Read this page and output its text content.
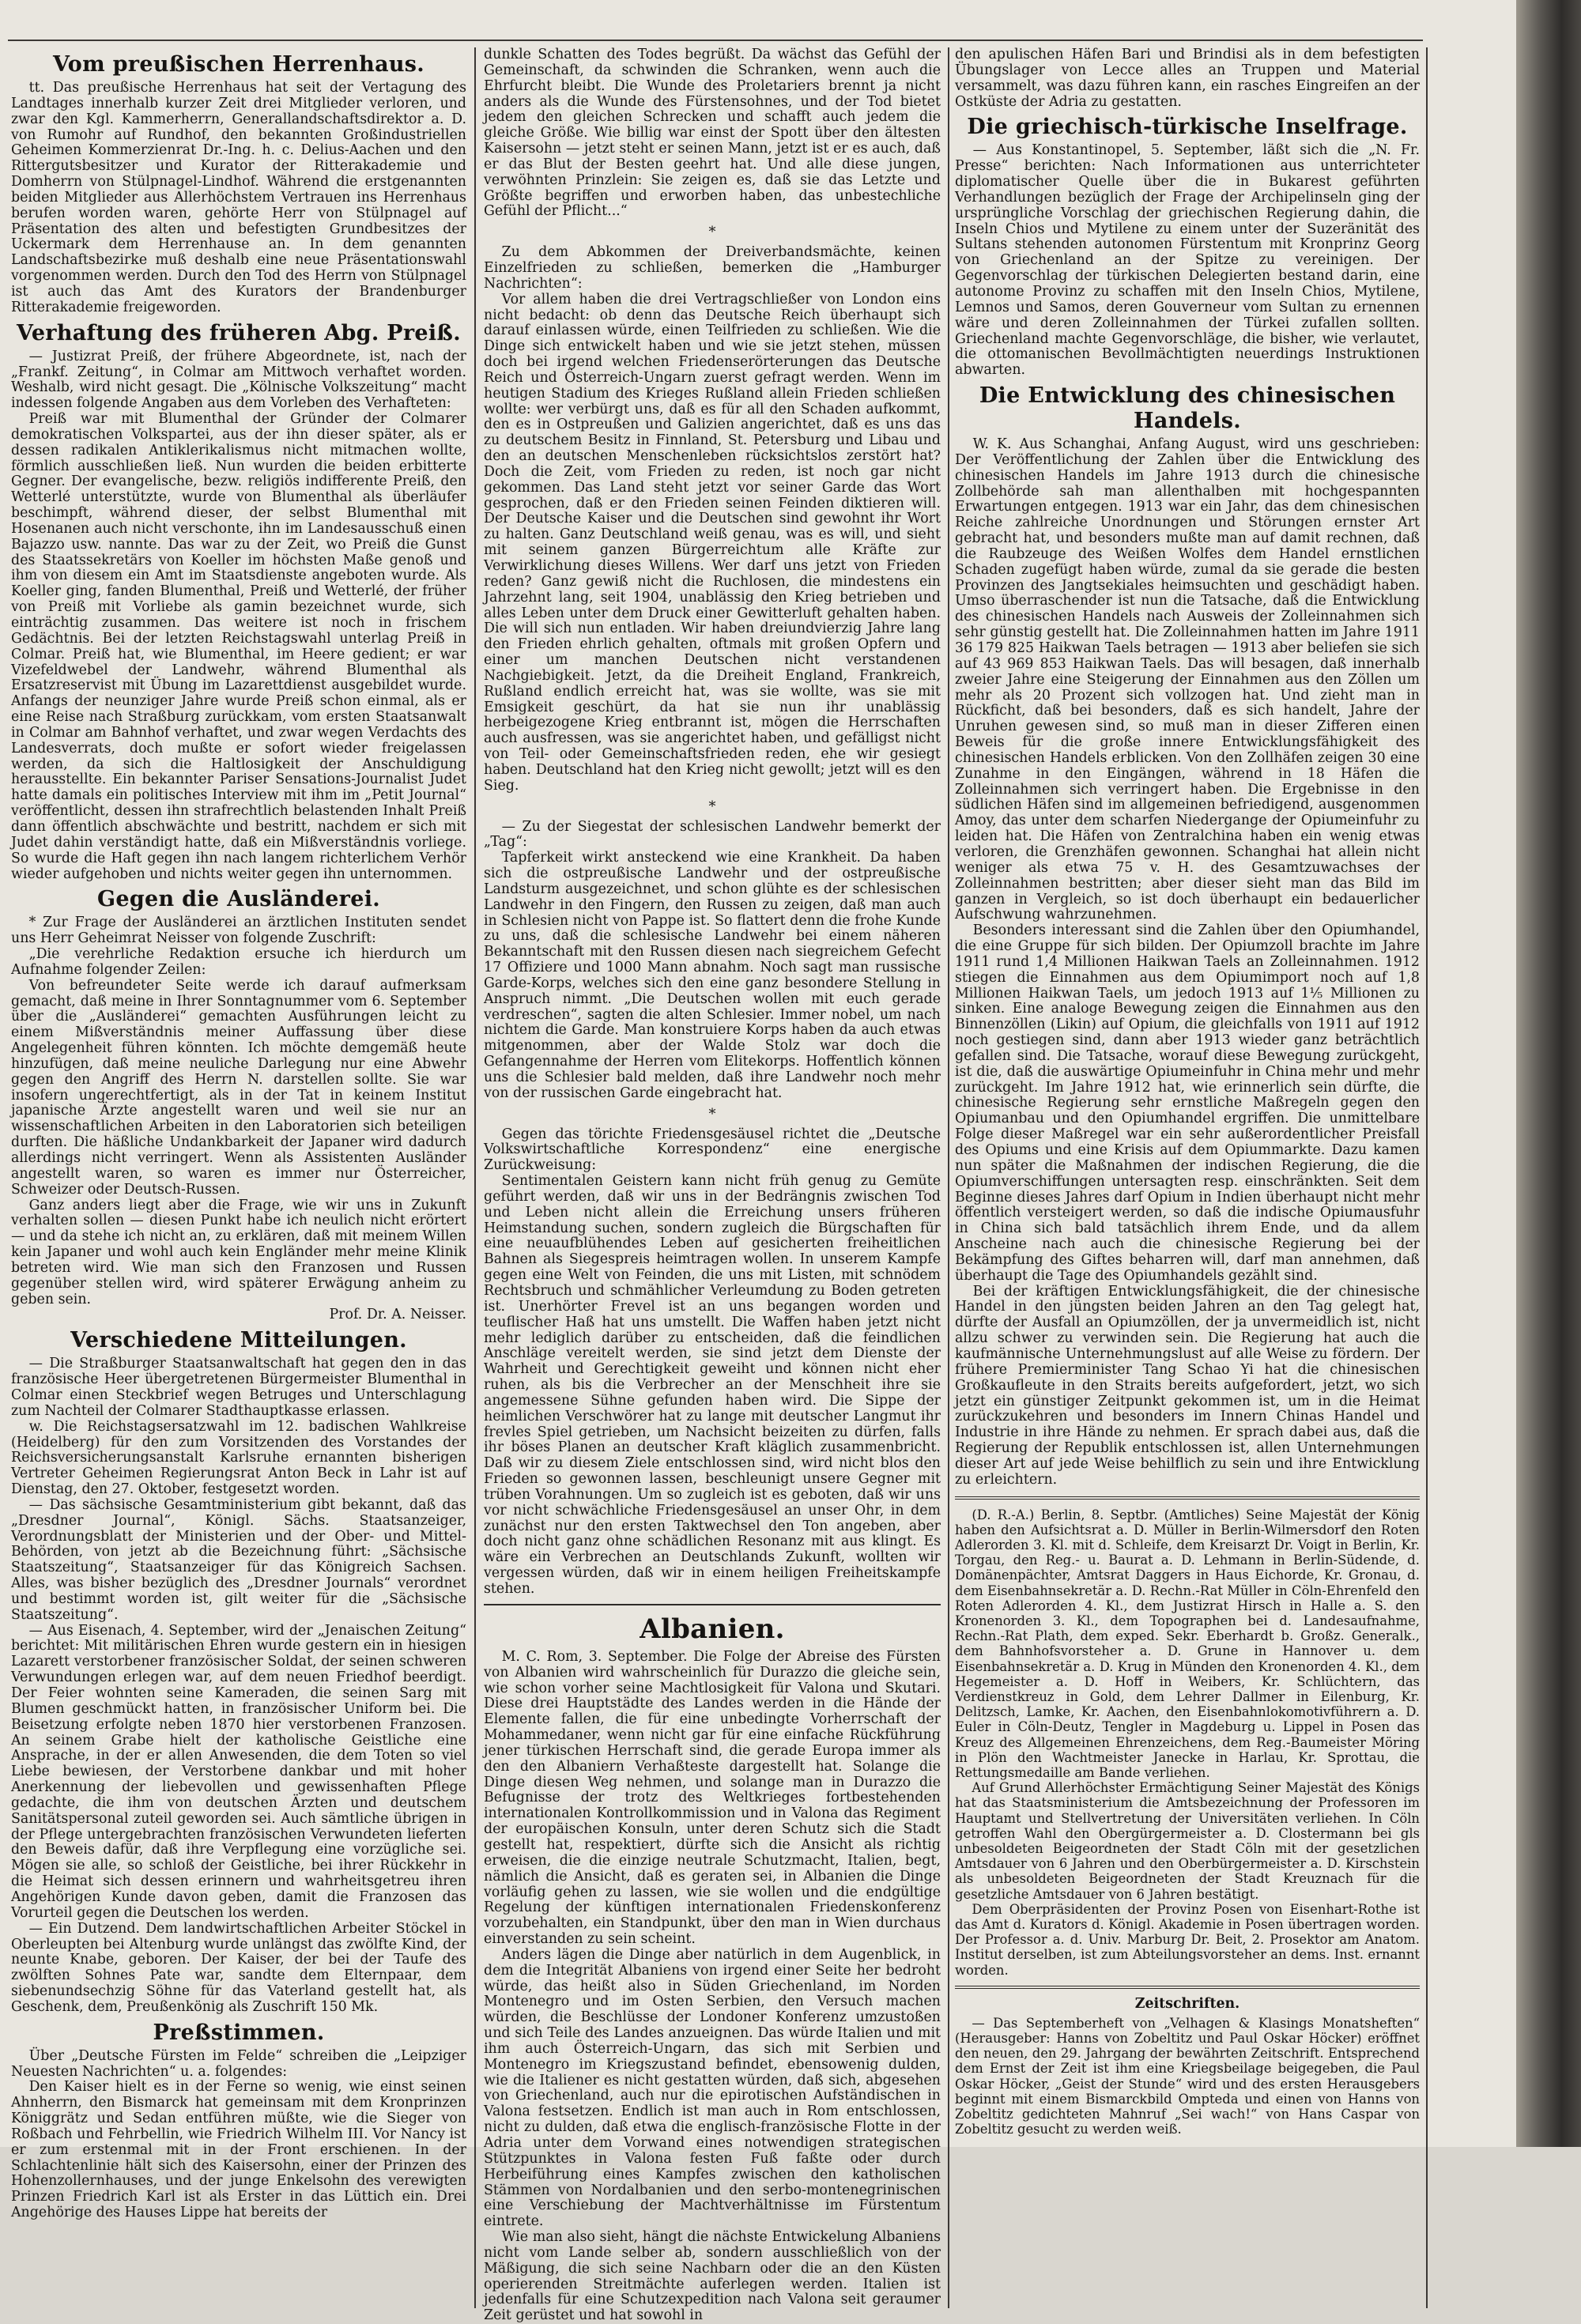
Vom preußischen Herrenhaus.

tt. Das preußische Herrenhaus hat seit der Vertagung des Landtages innerhalb kurzer Zeit drei Mitglieder verloren, und zwar den Kgl. Kammerherrn, Generallandschaftsdirektor a. D. von Rumohr auf Rundhof, den bekannten Großindustriellen Geheimen Kommerzienrat Dr.-Ing. h. c. Delius-Aachen und den Rittergutsbesitzer und Kurator der Ritterakademie und Domherrn von Stülpnagel-Lindhof. Während die erstgenannten beiden Mitglieder aus Allerhöchstem Vertrauen ins Herrenhaus berufen worden waren, gehörte Herr von Stülpnagel auf Präsentation des alten und befestigten Grundbesitzes der Uckermark dem Herrenhause an. In dem genannten Landschaftsbezirke muß deshalb eine neue Präsentationswahl vorgenommen werden. Durch den Tod des Herrn von Stülpnagel ist auch das Amt des Kurators der Brandenburger Ritterakademie freigeworden.

Verhaftung des früheren Abg. Preiß.

— Justizrat Preiß, der frühere Abgeordnete, ist, nach der „Frankf. Zeitung“, in Colmar am Mittwoch verhaftet worden. Weshalb, wird nicht gesagt. Die „Kölnische Volkszeitung“ macht indessen folgende Angaben aus dem Vorleben des Verhafteten:

Preiß war mit Blumenthal der Gründer der Colmarer demokratischen Volkspartei, aus der ihn dieser später, als er dessen radikalen Antiklerikalismus nicht mitmachen wollte, förmlich ausschließen ließ. Nun wurden die beiden erbitterte Gegner. Der evangelische, bezw. religiös indifferente Preiß, den Wetterlé unterstützte, wurde von Blumenthal als überläufer beschimpft, während dieser, der selbst Blumenthal mit Hosenanen auch nicht verschonte, ihn im Landesausschuß einen Bajazzo usw. nannte. Das war zu der Zeit, wo Preiß die Gunst des Staatssekretärs von Koeller im höchsten Maße genoß und ihm von diesem ein Amt im Staatsdienste angeboten wurde. Als Koeller ging, fanden Blumenthal, Preiß und Wetterlé, der früher von Preiß mit Vorliebe als gamin bezeichnet wurde, sich einträchtig zusammen. Das weitere ist noch in frischem Gedächtnis. Bei der letzten Reichstagswahl unterlag Preiß in Colmar. Preiß hat, wie Blumenthal, im Heere gedient; er war Vizefeldwebel der Landwehr, während Blumenthal als Ersatzreservist mit Übung im Lazarettdienst ausgebildet wurde. Anfangs der neunziger Jahre wurde Preiß schon einmal, als er eine Reise nach Straßburg zurückkam, vom ersten Staatsanwalt in Colmar am Bahnhof verhaftet, und zwar wegen Verdachts des Landesverrats, doch mußte er sofort wieder freigelassen werden, da sich die Haltlosigkeit der Anschuldigung herausstellte. Ein bekannter Pariser Sensations-Journalist Judet hatte damals ein politisches Interview mit ihm im „Petit Journal“ veröffentlicht, dessen ihn strafrechtlich belastenden Inhalt Preiß dann öffentlich abschwächte und bestritt, nachdem er sich mit Judet dahin verständigt hatte, daß ein Mißverständnis vorliege. So wurde die Haft gegen ihn nach langem richterlichem Verhör wieder aufgehoben und nichts weiter gegen ihn unternommen.

Gegen die Ausländerei.

* Zur Frage der Ausländerei an ärztlichen Instituten sendet uns Herr Geheimrat Neisser von folgende Zuschrift:

„Die verehrliche Redaktion ersuche ich hierdurch um Aufnahme folgender Zeilen:

Von befreundeter Seite werde ich darauf aufmerksam gemacht, daß meine in Ihrer Sonntagnummer vom 6. September über die „Ausländerei“ gemachten Ausführungen leicht zu einem Mißverständnis meiner Auffassung über diese Angelegenheit führen könnten. Ich möchte demgemäß heute hinzufügen, daß meine neuliche Darlegung nur eine Abwehr gegen den Angriff des Herrn N. darstellen sollte. Sie war insofern ungerechtfertigt, als in der Tat in keinem Institut japanische Ärzte angestellt waren und weil sie nur an wissenschaftlichen Arbeiten in den Laboratorien sich beteiligen durften. Die häßliche Undankbarkeit der Japaner wird dadurch allerdings nicht verringert. Wenn als Assistenten Ausländer angestellt waren, so waren es immer nur Österreicher, Schweizer oder Deutsch-Russen.

Ganz anders liegt aber die Frage, wie wir uns in Zukunft verhalten sollen — diesen Punkt habe ich neulich nicht erörtert — und da stehe ich nicht an, zu erklären, daß mit meinem Willen kein Japaner und wohl auch kein Engländer mehr meine Klinik betreten wird. Wie man sich den Franzosen und Russen gegenüber stellen wird, wird späterer Erwägung anheim zu geben sein.

Prof. Dr. A. Neisser.

Verschiedene Mitteilungen.

— Die Straßburger Staatsanwaltschaft hat gegen den in das französische Heer übergetretenen Bürgermeister Blumenthal in Colmar einen Steckbrief wegen Betruges und Unterschlagung zum Nachteil der Colmarer Stadthauptkasse erlassen.

w. Die Reichstagsersatzwahl im 12. badischen Wahlkreise (Heidelberg) für den zum Vorsitzenden des Vorstandes der Reichsversicherungsanstalt Karlsruhe ernannten bisherigen Vertreter Geheimen Regierungsrat Anton Beck in Lahr ist auf Dienstag, den 27. Oktober, festgesetzt worden.

— Das sächsische Gesamtministerium gibt bekannt, daß das „Dresdner Journal“, Königl. Sächs. Staatsanzeiger, Verordnungsblatt der Ministerien und der Ober- und Mittel-Behörden, von jetzt ab die Bezeichnung führt: „Sächsische Staatszeitung“, Staatsanzeiger für das Königreich Sachsen. Alles, was bisher bezüglich des „Dresdner Journals“ verordnet und bestimmt worden ist, gilt weiter für die „Sächsische Staatszeitung“.

— Aus Eisenach, 4. September, wird der „Jenaischen Zeitung“ berichtet: Mit militärischen Ehren wurde gestern ein in hiesigen Lazarett verstorbener französischer Soldat, der seinen schweren Verwundungen erlegen war, auf dem neuen Friedhof beerdigt. Der Feier wohnten seine Kameraden, die seinen Sarg mit Blumen geschmückt hatten, in französischer Uniform bei. Die Beisetzung erfolgte neben 1870 hier verstorbenen Franzosen. An seinem Grabe hielt der katholische Geistliche eine Ansprache, in der er allen Anwesenden, die dem Toten so viel Liebe bewiesen, der Verstorbene dankbar und mit hoher Anerkennung der liebevollen und gewissenhaften Pflege gedachte, die ihm von deutschen Ärzten und deutschem Sanitätspersonal zuteil geworden sei. Auch sämtliche übrigen in der Pflege untergebrachten französischen Verwundeten lieferten den Beweis dafür, daß ihre Verpflegung eine vorzügliche sei. Mögen sie alle, so schloß der Geistliche, bei ihrer Rückkehr in die Heimat sich dessen erinnern und wahrheitsgetreu ihren Angehörigen Kunde davon geben, damit die Franzosen das Vorurteil gegen die Deutschen los werden.

— Ein Dutzend. Dem landwirtschaftlichen Arbeiter Stöckel in Oberleupten bei Altenburg wurde unlängst das zwölfte Kind, der neunte Knabe, geboren. Der Kaiser, der bei der Taufe des zwölften Sohnes Pate war, sandte dem Elternpaar, dem siebenundsechzig Söhne für das Vaterland gestellt hat, als Geschenk, dem, Preußenkönig als Zuschrift 150 Mk.

Preßstimmen.

Über „Deutsche Fürsten im Felde“ schreiben die „Leipziger Neuesten Nachrichten“ u. a. folgendes:

Den Kaiser hielt es in der Ferne so wenig, wie einst seinen Ahnherrn, den Bismarck hat gemeinsam mit dem Kronprinzen Königgrätz und Sedan entführen müßte, wie die Sieger von Roßbach und Fehrbellin, wie Friedrich Wilhelm III. Vor Nancy ist er zum erstenmal mit in der Front erschienen. In der Schlachtenlinie hält sich des Kaisersohn, einer der Prinzen des Hohenzollernhauses, und der junge Enkelsohn des verewigten Prinzen Friedrich Karl ist als Erster in das Lüttich ein. Drei Angehörige des Hauses Lippe hat bereits der

dunkle Schatten des Todes begrüßt. Da wächst das Gefühl der Gemeinschaft, da schwinden die Schranken, wenn auch die Ehrfurcht bleibt. Die Wunde des Proletariers brennt ja nicht anders als die Wunde des Fürstensohnes, und der Tod bietet jedem den gleichen Schrecken und schafft auch jedem die gleiche Größe. Wie billig war einst der Spott über den ältesten Kaisersohn — jetzt steht er seinen Mann, jetzt ist er es auch, daß er das Blut der Besten geehrt hat. Und alle diese jungen, verwöhnten Prinzlein: Sie zeigen es, daß sie das Letzte und Größte begriffen und erworben haben, das unbestechliche Gefühl der Pflicht...“

*

Zu dem Abkommen der Dreiverbandsmächte, keinen Einzelfrieden zu schließen, bemerken die „Hamburger Nachrichten“:

Vor allem haben die drei Vertragschließer von London eins nicht bedacht: ob denn das Deutsche Reich überhaupt sich darauf einlassen würde, einen Teilfrieden zu schließen. Wie die Dinge sich entwickelt haben und wie sie jetzt stehen, müssen doch bei irgend welchen Friedenserörterungen das Deutsche Reich und Österreich-Ungarn zuerst gefragt werden. Wenn im heutigen Stadium des Krieges Rußland allein Frieden schließen wollte: wer verbürgt uns, daß es für all den Schaden aufkommt, den es in Ostpreußen und Galizien angerichtet, daß es uns das zu deutschem Besitz in Finnland, St. Petersburg und Libau und den an deutschen Menschenleben rücksichtslos zerstört hat? Doch die Zeit, vom Frieden zu reden, ist noch gar nicht gekommen. Das Land steht jetzt vor seiner Garde das Wort gesprochen, daß er den Frieden seinen Feinden diktieren will. Der Deutsche Kaiser und die Deutschen sind gewohnt ihr Wort zu halten. Ganz Deutschland weiß genau, was es will, und sieht mit seinem ganzen Bürgerreichtum alle Kräfte zur Verwirklichung dieses Willens. Wer darf uns jetzt von Frieden reden? Ganz gewiß nicht die Ruchlosen, die mindestens ein Jahrzehnt lang, seit 1904, unablässig den Krieg betrieben und alles Leben unter dem Druck einer Gewitterluft gehalten haben. Die will sich nun entladen. Wir haben dreiundvierzig Jahre lang den Frieden ehrlich gehalten, oftmals mit großen Opfern und einer um manchen Deutschen nicht verstandenen Nachgiebigkeit. Jetzt, da die Dreiheit England, Frankreich, Rußland endlich erreicht hat, was sie wollte, was sie mit Emsigkeit geschürt, da hat sie nun ihr unablässig herbeigezogene Krieg entbrannt ist, mögen die Herrschaften auch ausfressen, was sie angerichtet haben, und gefälligst nicht von Teil- oder Gemeinschaftsfrieden reden, ehe wir gesiegt haben. Deutschland hat den Krieg nicht gewollt; jetzt will es den Sieg.

*

— Zu der Siegestat der schlesischen Landwehr bemerkt der „Tag“:

Tapferkeit wirkt ansteckend wie eine Krankheit. Da haben sich die ostpreußische Landwehr und der ostpreußische Landsturm ausgezeichnet, und schon glühte es der schlesischen Landwehr in den Fingern, den Russen zu zeigen, daß man auch in Schlesien nicht von Pappe ist. So flattert denn die frohe Kunde zu uns, daß die schlesische Landwehr bei einem näheren Bekanntschaft mit den Russen diesen nach siegreichem Gefecht 17 Offiziere und 1000 Mann abnahm. Noch sagt man russische Garde-Korps, welches sich den eine ganz besondere Stellung in Anspruch nimmt. „Die Deutschen wollen mit euch gerade verdreschen“, sagten die alten Schlesier. Immer nobel, um nach nichtem die Garde. Man konstruiere Korps haben da auch etwas mitgenommen, aber der Walde Stolz war doch die Gefangennahme der Herren vom Elitekorps. Hoffentlich können uns die Schlesier bald melden, daß ihre Landwehr noch mehr von der russischen Garde eingebracht hat.

*

Gegen das törichte Friedensgesäusel richtet die „Deutsche Volkswirtschaftliche Korrespondenz“ eine energische Zurückweisung:

Sentimentalen Geistern kann nicht früh genug zu Gemüte geführt werden, daß wir uns in der Bedrängnis zwischen Tod und Leben nicht allein die Erreichung unsers früheren Heimstandung suchen, sondern zugleich die Bürgschaften für eine neuaufblühendes Leben auf gesicherten freiheitlichen Bahnen als Siegespreis heimtragen wollen. In unserem Kampfe gegen eine Welt von Feinden, die uns mit Listen, mit schnödem Rechtsbruch und schmählicher Verleumdung zu Boden getreten ist. Unerhörter Frevel ist an uns begangen worden und teuflischer Haß hat uns umstellt. Die Waffen haben jetzt nicht mehr lediglich darüber zu entscheiden, daß die feindlichen Anschläge vereitelt werden, sie sind jetzt dem Dienste der Wahrheit und Gerechtigkeit geweiht und können nicht eher ruhen, als bis die Verbrecher an der Menschheit ihre sie angemessene Sühne gefunden haben wird. Die Sippe der heimlichen Verschwörer hat zu lange mit deutscher Langmut ihr frevles Spiel getrieben, um Nachsicht beizeiten zu dürfen, falls ihr böses Planen an deutscher Kraft kläglich zusammenbricht. Daß wir zu diesem Ziele entschlossen sind, wird nicht blos den Frieden so gewonnen lassen, beschleunigt unsere Gegner mit trüben Vorahnungen. Um so zugleich ist es geboten, daß wir uns vor nicht schwächliche Friedensgesäusel an unser Ohr, in dem zunächst nur den ersten Taktwechsel den Ton angeben, aber doch nicht ganz ohne schädlichen Resonanz mit aus klingt. Es wäre ein Verbrechen an Deutschlands Zukunft, wollten wir vergessen würden, daß wir in einem heiligen Freiheitskampfe stehen.

Albanien.

M. C. Rom, 3. September. Die Folge der Abreise des Fürsten von Albanien wird wahrscheinlich für Durazzo die gleiche sein, wie schon vorher seine Machtlosigkeit für Valona und Skutari. Diese drei Hauptstädte des Landes werden in die Hände der Elemente fallen, die für eine unbedingte Vorherrschaft der Mohammedaner, wenn nicht gar für eine einfache Rückführung jener türkischen Herrschaft sind, die gerade Europa immer als den den Albaniern Verhaßteste dargestellt hat. Solange die Dinge diesen Weg nehmen, und solange man in Durazzo die Befugnisse der trotz des Weltkrieges fortbestehenden internationalen Kontrollkommission und in Valona das Regiment der europäischen Konsuln, unter deren Schutz sich die Stadt gestellt hat, respektiert, dürfte sich die Ansicht als richtig erweisen, die die einzige neutrale Schutzmacht, Italien, begt, nämlich die Ansicht, daß es geraten sei, in Albanien die Dinge vorläufig gehen zu lassen, wie sie wollen und die endgültige Regelung der künftigen internationalen Friedenskonferenz vorzubehalten, ein Standpunkt, über den man in Wien durchaus einverstanden zu sein scheint.

Anders lägen die Dinge aber natürlich in dem Augenblick, in dem die Integrität Albaniens von irgend einer Seite her bedroht würde, das heißt also in Süden Griechenland, im Norden Montenegro und im Osten Serbien, den Versuch machen würden, die Beschlüsse der Londoner Konferenz umzustoßen und sich Teile des Landes anzueignen. Das würde Italien und mit ihm auch Österreich-Ungarn, das sich mit Serbien und Montenegro im Kriegszustand befindet, ebensowenig dulden, wie die Italiener es nicht gestatten würden, daß sich, abgesehen von Griechenland, auch nur die epirotischen Aufständischen in Valona festsetzen. Endlich ist man auch in Rom entschlossen, nicht zu dulden, daß etwa die englisch-französische Flotte in der Adria unter dem Vorwand eines notwendigen strategischen Stützpunktes in Valona festen Fuß faßte oder durch Herbeiführung eines Kampfes zwischen den katholischen Stämmen von Nordalbanien und den serbo-montenegrinischen eine Verschiebung der Machtverhältnisse im Fürstentum eintrete.

Wie man also sieht, hängt die nächste Entwickelung Albaniens nicht vom Lande selber ab, sondern ausschließlich von der Mäßigung, die sich seine Nachbarn oder die an den Küsten operierenden Streitmächte auferlegen werden. Italien ist jedenfalls für eine Schutzexpedition nach Valona seit geraumer Zeit gerüstet und hat sowohl in

den apulischen Häfen Bari und Brindisi als in dem befestigten Übungslager von Lecce alles an Truppen und Material versammelt, was dazu führen kann, ein rasches Eingreifen an der Ostküste der Adria zu gestatten.

Die griechisch-türkische Inselfrage.

— Aus Konstantinopel, 5. September, läßt sich die „N. Fr. Presse“ berichten: Nach Informationen aus unterrichteter diplomatischer Quelle über die in Bukarest geführten Verhandlungen bezüglich der Frage der Archipelinseln ging der ursprüngliche Vorschlag der griechischen Regierung dahin, die Inseln Chios und Mytilene zu einem unter der Suzeränität des Sultans stehenden autonomen Fürstentum mit Kronprinz Georg von Griechenland an der Spitze zu vereinigen. Der Gegenvorschlag der türkischen Delegierten bestand darin, eine autonome Provinz zu schaffen mit den Inseln Chios, Mytilene, Lemnos und Samos, deren Gouverneur vom Sultan zu ernennen wäre und deren Zolleinnahmen der Türkei zufallen sollten. Griechenland machte Gegenvorschläge, die bisher, wie verlautet, die ottomanischen Bevollmächtigten neuerdings Instruktionen abwarten.

Die Entwicklung des chinesischen Handels.

W. K. Aus Schanghai, Anfang August, wird uns geschrieben: Der Veröffentlichung der Zahlen über die Entwicklung des chinesischen Handels im Jahre 1913 durch die chinesische Zollbehörde sah man allenthalben mit hochgespannten Erwartungen entgegen. 1913 war ein Jahr, das dem chinesischen Reiche zahlreiche Unordnungen und Störungen ernster Art gebracht hat, und besonders mußte man auf damit rechnen, daß die Raubzeuge des Weißen Wolfes dem Handel ernstlichen Schaden zugefügt haben würde, zumal da sie gerade die besten Provinzen des Jangtsekiales heimsuchten und geschädigt haben. Umso überraschender ist nun die Tatsache, daß die Entwicklung des chinesischen Handels nach Ausweis der Zolleinnahmen sich sehr günstig gestellt hat. Die Zolleinnahmen hatten im Jahre 1911 36 179 825 Haikwan Taels betragen — 1913 aber beliefen sie sich auf 43 969 853 Haikwan Taels. Das will besagen, daß innerhalb zweier Jahre eine Steigerung der Einnahmen aus den Zöllen um mehr als 20 Prozent sich vollzogen hat. Und zieht man in Rückficht, daß bei besonders, daß es sich handelt, Jahre der Unruhen gewesen sind, so muß man in dieser Zifferen einen Beweis für die große innere Entwicklungsfähigkeit des chinesischen Handels erblicken. Von den Zollhäfen zeigen 30 eine Zunahme in den Eingängen, während in 18 Häfen die Zolleinnahmen sich verringert haben. Die Ergebnisse in den südlichen Häfen sind im allgemeinen befriedigend, ausgenommen Amoy, das unter dem scharfen Niedergange der Opiumeinfuhr zu leiden hat. Die Häfen von Zentralchina haben ein wenig etwas verloren, die Grenzhäfen gewonnen. Schanghai hat allein nicht weniger als etwa 75 v. H. des Gesamtzuwachses der Zolleinnahmen bestritten; aber dieser sieht man das Bild im ganzen in Vergleich, so ist doch überhaupt ein bedauerlicher Aufschwung wahrzunehmen.

Besonders interessant sind die Zahlen über den Opiumhandel, die eine Gruppe für sich bilden. Der Opiumzoll brachte im Jahre 1911 rund 1,4 Millionen Haikwan Taels an Zolleinnahmen. 1912 stiegen die Einnahmen aus dem Opiumimport noch auf 1,8 Millionen Haikwan Taels, um jedoch 1913 auf 1⅕ Millionen zu sinken. Eine analoge Bewegung zeigen die Einnahmen aus den Binnenzöllen (Likin) auf Opium, die gleichfalls von 1911 auf 1912 noch gestiegen sind, dann aber 1913 wieder ganz beträchtlich gefallen sind. Die Tatsache, worauf diese Bewegung zurückgeht, ist die, daß die auswärtige Opiumeinfuhr in China mehr und mehr zurückgeht. Im Jahre 1912 hat, wie erinnerlich sein dürfte, die chinesische Regierung sehr ernstliche Maßregeln gegen den Opiumanbau und den Opiumhandel ergriffen. Die unmittelbare Folge dieser Maßregel war ein sehr außerordentlicher Preisfall des Opiums und eine Krisis auf dem Opiummarkte. Dazu kamen nun später die Maßnahmen der indischen Regierung, die die Opiumverschiffungen untersagten resp. einschränkten. Seit dem Beginne dieses Jahres darf Opium in Indien überhaupt nicht mehr öffentlich versteigert werden, so daß die indische Opiumausfuhr in China sich bald tatsächlich ihrem Ende, und da allem Anscheine nach auch die chinesische Regierung bei der Bekämpfung des Giftes beharren will, darf man annehmen, daß überhaupt die Tage des Opiumhandels gezählt sind.

Bei der kräftigen Entwicklungsfähigkeit, die der chinesische Handel in den jüngsten beiden Jahren an den Tag gelegt hat, dürfte der Ausfall an Opiumzöllen, der ja unvermeidlich ist, nicht allzu schwer zu verwinden sein. Die Regierung hat auch die kaufmännische Unternehmungslust auf alle Weise zu fördern. Der frühere Premierminister Tang Schao Yi hat die chinesischen Großkaufleute in den Straits bereits aufgefordert, jetzt, wo sich jetzt ein günstiger Zeitpunkt gekommen ist, um in die Heimat zurückzukehren und besonders im Innern Chinas Handel und Industrie in ihre Hände zu nehmen. Er sprach dabei aus, daß die Regierung der Republik entschlossen ist, allen Unternehmungen dieser Art auf jede Weise behilflich zu sein und ihre Entwicklung zu erleichtern.

(D. R.-A.) Berlin, 8. Septbr. (Amtliches) Seine Majestät der König haben den Aufsichtsrat a. D. Müller in Berlin-Wilmersdorf den Roten Adlerorden 3. Kl. mit d. Schleife, dem Kreisarzt Dr. Voigt in Berlin, Kr. Torgau, den Reg.- u. Baurat a. D. Lehmann in Berlin-Südende, d. Domänenpächter, Amtsrat Daggers in Haus Eichorde, Kr. Gronau, d. dem Eisenbahnsekretär a. D. Rechn.-Rat Müller in Cöln-Ehrenfeld den Roten Adlerorden 4. Kl., dem Justizrat Hirsch in Halle a. S. den Kronenorden 3. Kl., dem Topographen bei d. Landesaufnahme, Rechn.-Rat Plath, dem exped. Sekr. Eberhardt b. Großz. Generalk., dem Bahnhofsvorsteher a. D. Grune in Hannover u. dem Eisenbahnsekretär a. D. Krug in Münden den Kronenorden 4. Kl., dem Hegemeister a. D. Hoff in Weibers, Kr. Schlüchtern, das Verdienstkreuz in Gold, dem Lehrer Dallmer in Eilenburg, Kr. Delitzsch, Lamke, Kr. Aachen, den Eisenbahnlokomotivführern a. D. Euler in Cöln-Deutz, Tengler in Magdeburg u. Lippel in Posen das Kreuz des Allgemeinen Ehrenzeichens, dem Reg.-Baumeister Möring in Plön den Wachtmeister Janecke in Harlau, Kr. Sprottau, die Rettungsmedaille am Bande verliehen.

Auf Grund Allerhöchster Ermächtigung Seiner Majestät des Königs hat das Staatsministerium die Amtsbezeichnung der Professoren im Hauptamt und Stellvertretung der Universitäten verliehen. In Cöln getroffen Wahl den Obergürgermeister a. D. Clostermann bei gls unbesoldeten Beigeordneten der Stadt Cöln mit der gesetzlichen Amtsdauer von 6 Jahren und den Oberbürgermeister a. D. Kirschstein als unbesoldeten Beigeordneten der Stadt Kreuznach für die gesetzliche Amtsdauer von 6 Jahren bestätigt.

Dem Oberpräsidenten der Provinz Posen von Eisenhart-Rothe ist das Amt d. Kurators d. Königl. Akademie in Posen übertragen worden. Der Professor a. d. Univ. Marburg Dr. Beit, 2. Prosektor am Anatom. Institut derselben, ist zum Abteilungsvorsteher an dems. Inst. ernannt worden.

Zeitschriften.

— Das Septemberheft von „Velhagen & Klasings Monatsheften“ (Herausgeber: Hanns von Zobeltitz und Paul Oskar Höcker) eröffnet den neuen, den 29. Jahrgang der bewährten Zeitschrift. Entsprechend dem Ernst der Zeit ist ihm eine Kriegsbeilage beigegeben, die Paul Oskar Höcker, „Geist der Stunde“ wird und des ersten Herausgebers beginnt mit einem Bismarckbild Ompteda und einen von Hanns von Zobeltitz gedichteten Mahnruf „Sei wach!“ von Hans Caspar von Zobeltitz gesucht zu werden weiß.
